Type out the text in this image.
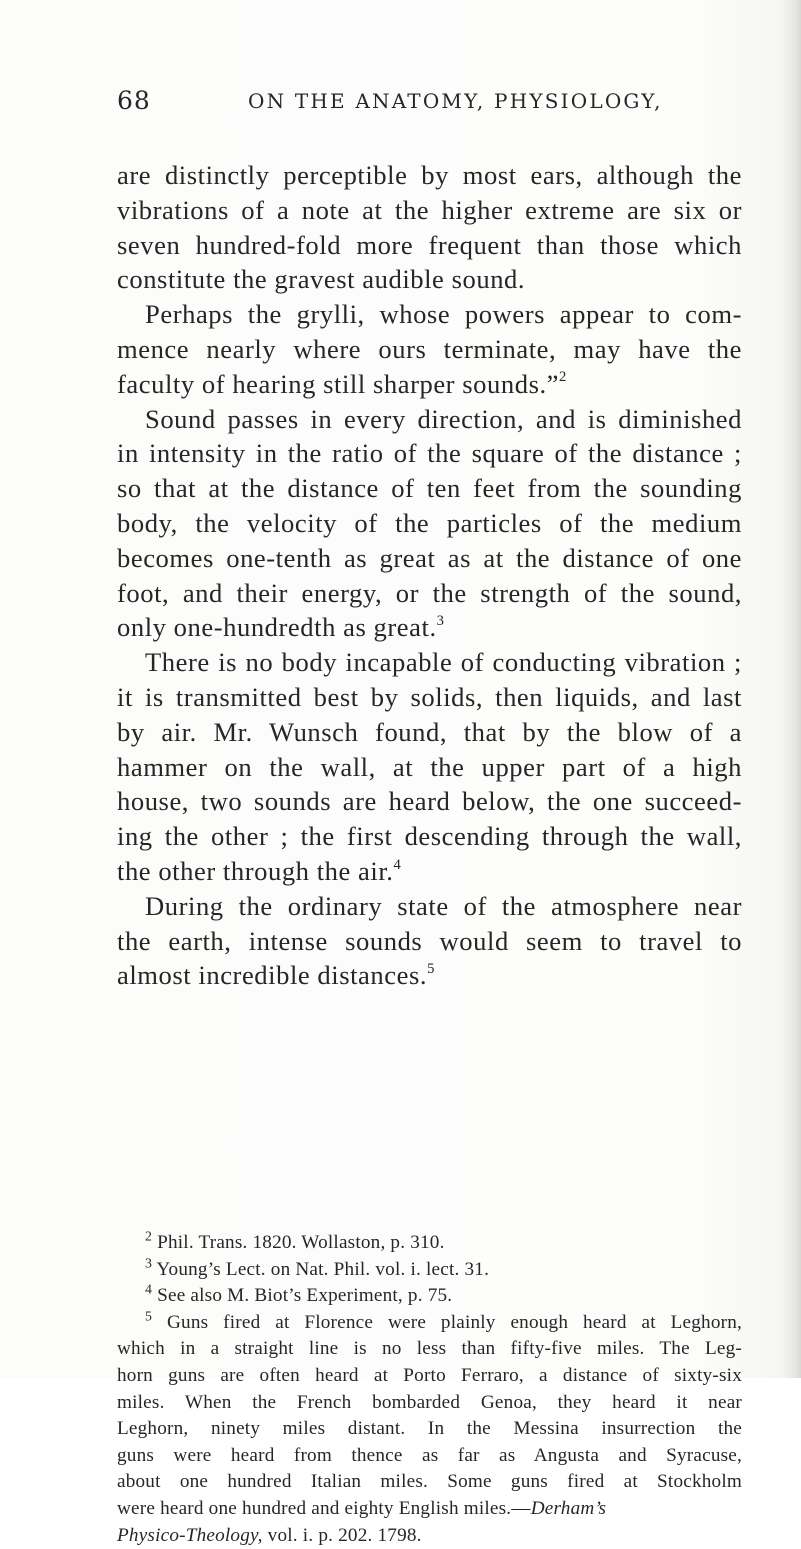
68	ON THE ANATOMY, PHYSIOLOGY,
are distinctly perceptible by most ears, although the
vibrations of a note at the higher extreme are six or
seven hundred-fold more frequent than those which
constitute the gravest audible sound.
Perhaps the grylli, whose powers appear to com-
mence nearly where ours terminate, may have the
faculty of hearing still sharper sounds.”$^2$
Sound passes in every direction, and is diminished
in intensity in the ratio of the square of the distance ;
so that at the distance of ten feet from the sounding
body, the velocity of the particles of the medium
becomes one-tenth as great as at the distance of one
foot, and their energy, or the strength of the sound,
only one-hundredth as great.$^3$
There is no body incapable of conducting vibration ;
it is transmitted best by solids, then liquids, and last
by air. Mr. Wunsch found, that by the blow of a
hammer on the wall, at the upper part of a high
house, two sounds are heard below, the one succeed-
ing the other ; the first descending through the wall,
the other through the air.$^4$
During the ordinary state of the atmosphere near
the earth, intense sounds would seem to travel to
almost incredible distances.$^5$
$^2$ Phil. Trans. 1820. Wollaston, p. 310.
$^3$ Young’s Lect. on Nat. Phil. vol. i. lect. 31.
$^4$ See also M. Biot’s Experiment, p. 75.
$^5$ Guns fired at Florence were plainly enough heard at Leghorn,
which in a straight line is no less than fifty-five miles. The Leg-
horn guns are often heard at Porto Ferraro, a distance of sixty-six
miles. When the French bombarded Genoa, they heard it near
Leghorn, ninety miles distant. In the Messina insurrection the
guns were heard from thence as far as Angusta and Syracuse,
about one hundred Italian miles. Some guns fired at Stockholm
were heard one hundred and eighty English miles.—Derham’s
Physico-Theology, vol. i. p. 202. 1798.
